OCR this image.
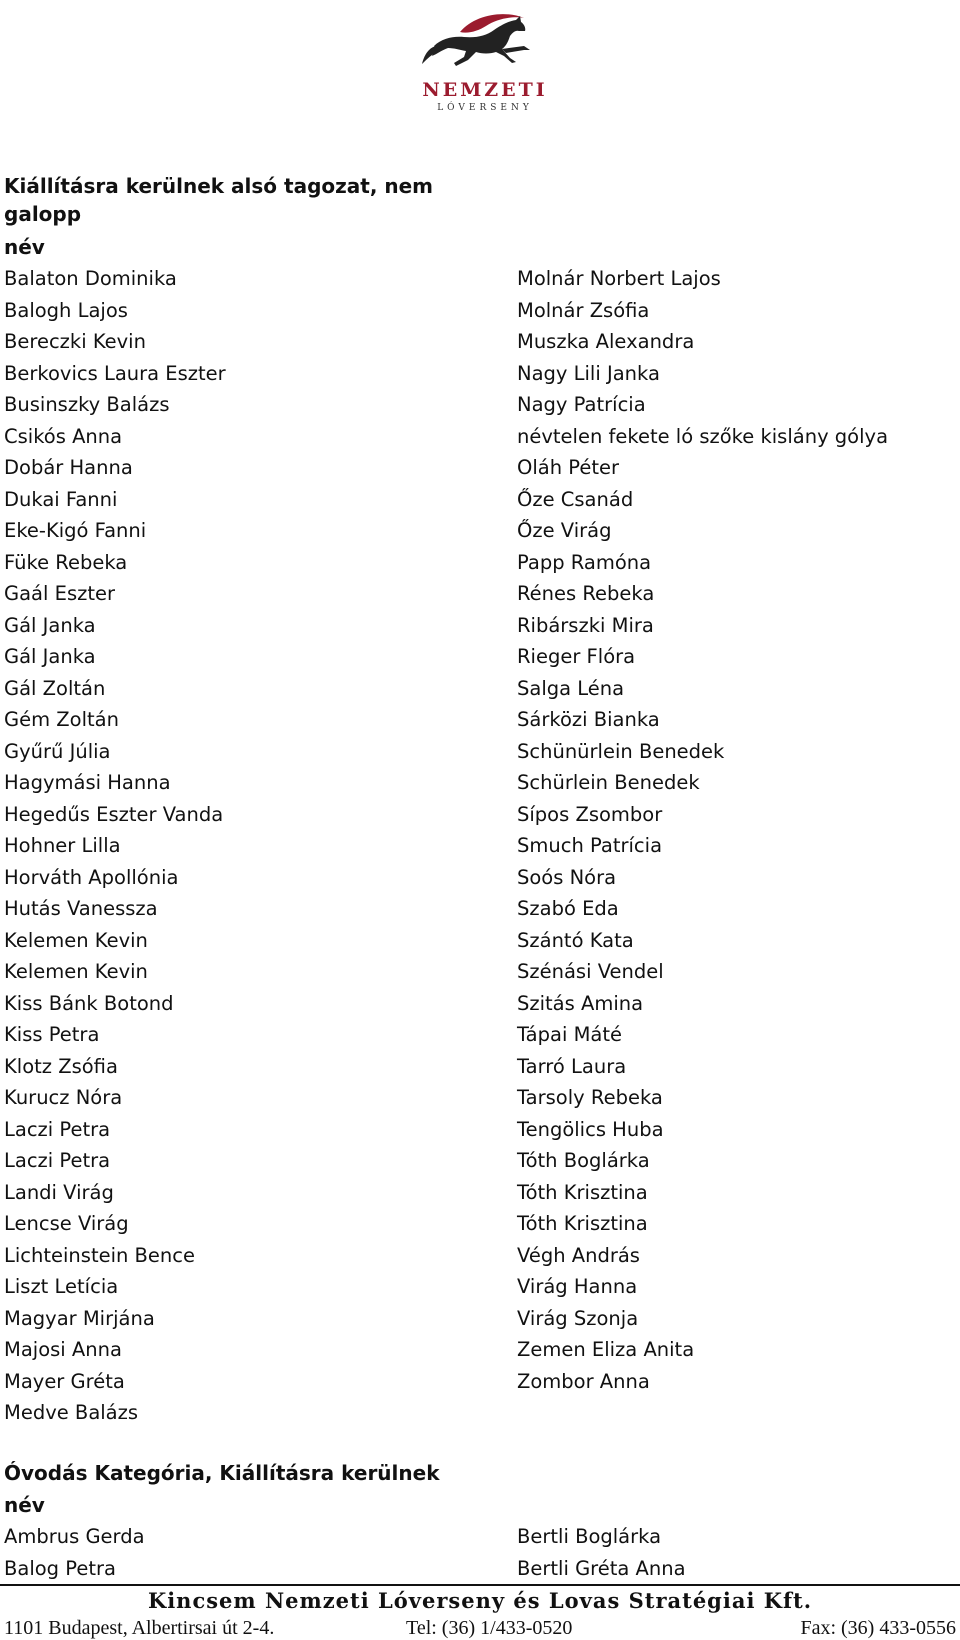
NEMZETI
LÓVERSENY
Kiállításra kerülnek alsó tagozat, nem
galopp
név
Balaton Dominika
Balogh Lajos
Bereczki Kevin
Berkovics Laura Eszter
Businszky Balázs
Csikós Anna
Dobár Hanna
Dukai Fanni
Eke-Kigó Fanni
Füke Rebeka
Gaál Eszter
Gál Janka
Gál Janka
Gál Zoltán
Gém Zoltán
Gyűrű Júlia
Hagymási Hanna
Hegedűs Eszter Vanda
Hohner Lilla
Horváth Apollónia
Hutás Vanessza
Kelemen Kevin
Kelemen Kevin
Kiss Bánk Botond
Kiss Petra
Klotz Zsófia
Kurucz Nóra
Laczi Petra
Laczi Petra
Landi Virág
Lencse Virág
Lichteinstein Bence
Liszt Letícia
Magyar Mirjána
Majosi Anna
Mayer Gréta
Medve Balázs
Molnár Norbert Lajos
Molnár Zsófia
Muszka Alexandra
Nagy Lili Janka
Nagy Patrícia
névtelen fekete ló szőke kislány gólya
Oláh Péter
Őze Csanád
Őze Virág
Papp Ramóna
Rénes Rebeka
Ribárszki Mira
Rieger Flóra
Salga Léna
Sárközi Bianka
Schünürlein Benedek
Schürlein Benedek
Sípos Zsombor
Smuch Patrícia
Soós Nóra
Szabó Eda
Szántó Kata
Szénási Vendel
Szitás Amina
Tápai Máté
Tarró Laura
Tarsoly Rebeka
Tengölics Huba
Tóth Boglárka
Tóth Krisztina
Tóth Krisztina
Végh András
Virág Hanna
Virág Szonja
Zemen Eliza Anita
Zombor Anna
Óvodás Kategória, Kiállításra kerülnek
név
Ambrus Gerda
Balog Petra
Bertli Boglárka
Bertli Gréta Anna
Kincsem Nemzeti Lóverseny és Lovas Stratégiai Kft.
1101 Budapest, Albertirsai út 2-4.	Tel: (36) 1/433-0520	Fax: (36) 433-0556
